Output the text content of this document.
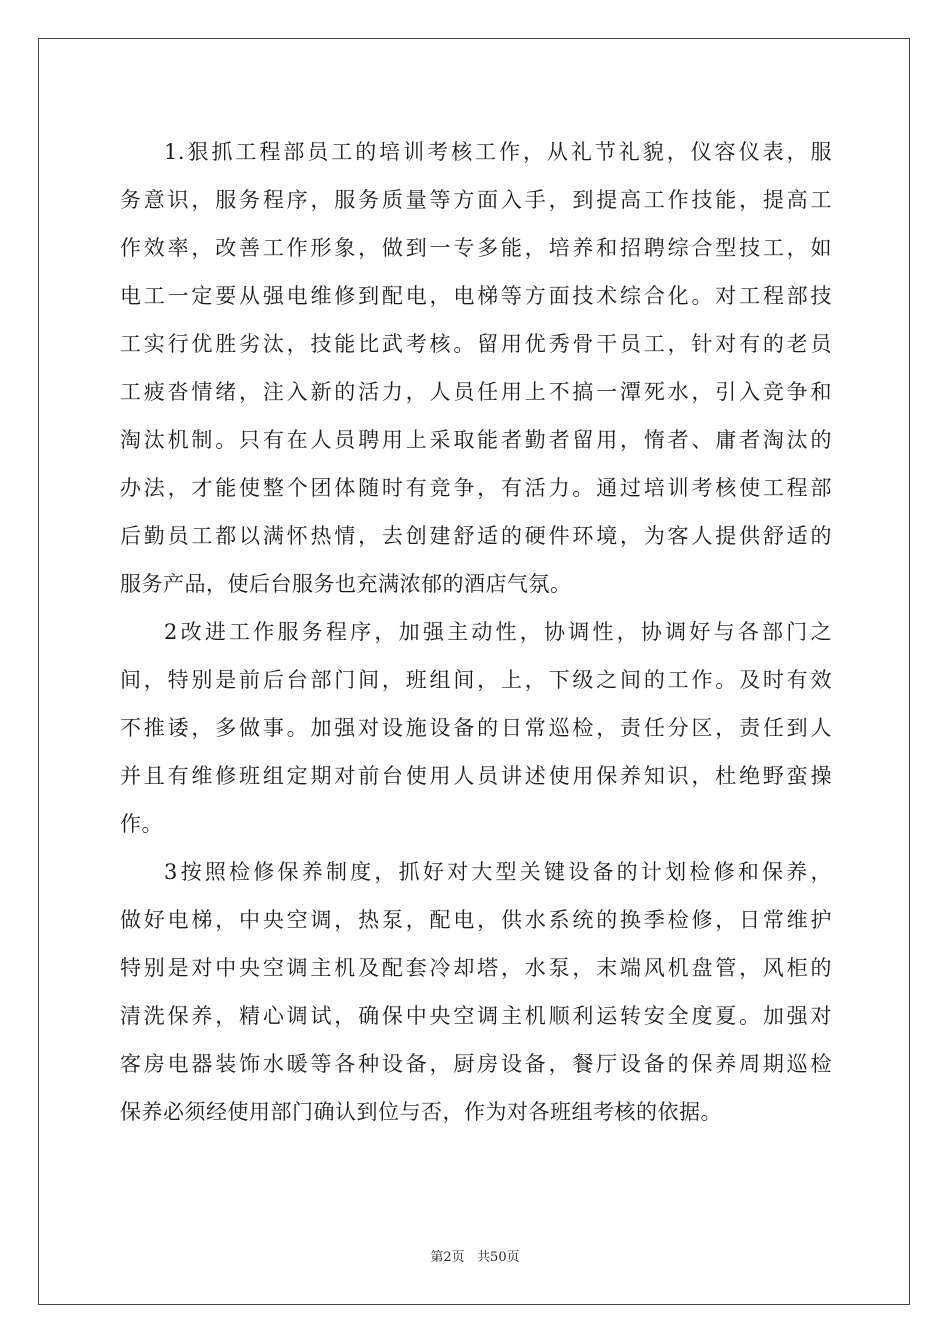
1.狠抓工程部员工的培训考核工作，从礼节礼貌，仪容仪表，服
务意识，服务程序，服务质量等方面入手，到提高工作技能，提高工
作效率，改善工作形象，做到一专多能，培养和招聘综合型技工，如
电工一定要从强电维修到配电，电梯等方面技术综合化。对工程部技
工实行优胜劣汰，技能比武考核。留用优秀骨干员工，针对有的老员
工疲沓情绪，注入新的活力，人员任用上不搞一潭死水，引入竞争和
淘汰机制。只有在人员聘用上采取能者勤者留用，惰者、庸者淘汰的
办法，才能使整个团体随时有竞争，有活力。通过培训考核使工程部
后勤员工都以满怀热情，去创建舒适的硬件环境，为客人提供舒适的
服务产品，使后台服务也充满浓郁的酒店气氛。
2改进工作服务程序，加强主动性，协调性，协调好与各部门之
间，特别是前后台部门间，班组间，上，下级之间的工作。及时有效
不推诿，多做事。加强对设施设备的日常巡检，责任分区，责任到人
并且有维修班组定期对前台使用人员讲述使用保养知识，杜绝野蛮操
作。
3按照检修保养制度，抓好对大型关键设备的计划检修和保养，
做好电梯，中央空调，热泵，配电，供水系统的换季检修，日常维护
特别是对中央空调主机及配套冷却塔，水泵，末端风机盘管，风柜的
清洗保养，精心调试，确保中央空调主机顺利运转安全度夏。加强对
客房电器装饰水暖等各种设备，厨房设备，餐厅设备的保养周期巡检
保养必须经使用部门确认到位与否，作为对各班组考核的依据。
第2页   共50页
